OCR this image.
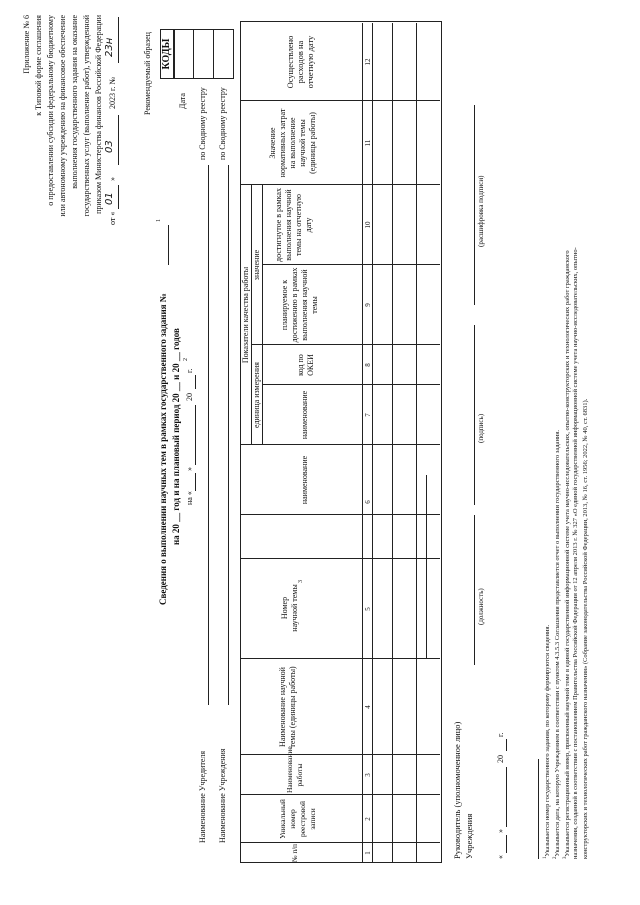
Приложение № 6 к Типовой форме соглашения о предоставлении субсидии федеральному бюджетному или автономному учреждению на финансовое обеспечение выполнения государственного задания на оказание государственных услуг (выполнение работ), утвержденной приказом Министерства финансов Российской Федерации
от «
01
»
03
2023 г. №
23н	Рекомендуемый образец
Сведения о выполнении научных тем в рамках государственного задания №
1
на 20 __ год и на плановый период 20 __ и 20 __ годов на «
»
20
г.
2
КОДЫ
Дата по Сводному реестру по Сводному реестру
Наименование Учредителя Наименование Учреждения
№ п/п
Уникальный номер реестровой записи
Наименование работы
Наименование научной темы (единицы работы)
Номер научной темы
3
Показатели качества работы
наименование
единица измерения	наименование
код по ОКЕИ
значение
планируемое к достижению в рамках выполнения научной темы
достигнутое в рамках выполнения научной темы на отчетную дату
Значение нормативных затрат на выполнение научной темы (единицы работы)
Осуществлено расходов на отчетную дату
1
2
3
4
5
6
7
8
9
10
11
12
Руководитель (уполномоченное лицо) Учреждения
(должность)
(подпись)
(расшифровка подписи)
«
»
20
г.
$^1$Указывается номер государственного задания, по которому формируются сведения.
$^2$Указывается дата, на которую Учреждением в соответствии с пунктом 4.3.5.3 Соглашения представляется отчет о выполнении государственного задания.
$^3$Указывается регистрационный номер, присвоенный научной теме в единой государственной информационной системе учета научно-исследовательских, опытно-конструкторских и технологических работ гражданского назначения, созданной в соответствии с постановлением Правительства Российской Федерации от 12 апреля 2013 г. № 327 «О единой государственной информационной системе учета научно-исследовательских, опытно- конструкторских и технологических работ гражданского назначения» (Собрание законодательства Российской Федерации, 2013, № 16, ст. 1956; 2022, № 40, ст. 6831).
